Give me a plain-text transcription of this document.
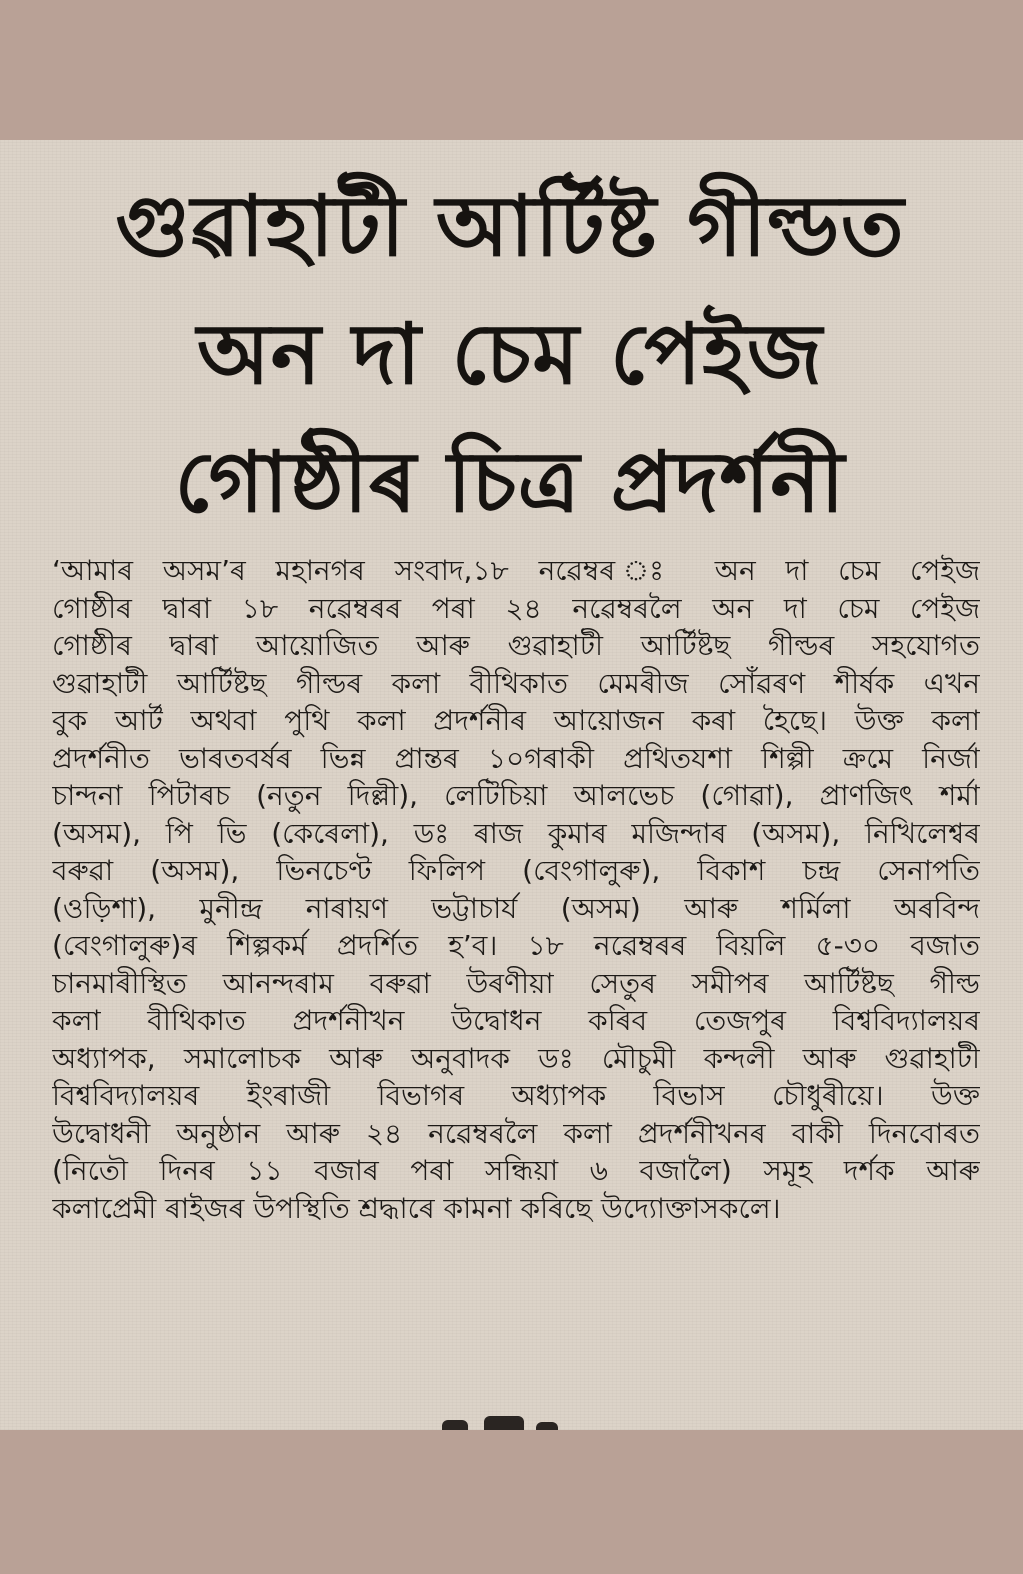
গুৱাহাটী আৰ্টিষ্ট গীল্ডত
অন দা চেম পেইজ
গোষ্ঠীৰ চিত্ৰ প্ৰদৰ্শনী
‘আমাৰ অসম’ৰ মহানগৰ সংবাদ,১৮ নৱেম্বৰ ঃ অন দা চেম পেইজ
গোষ্ঠীৰ দ্বাৰা ১৮ নৱেম্বৰৰ পৰা ২৪ নৱেম্বৰলৈ অন দা চেম পেইজ
গোষ্ঠীৰ দ্বাৰা আয়োজিত আৰু গুৱাহাটী আৰ্টিষ্টছ গীল্ডৰ সহযোগত
গুৱাহাটী আৰ্টিষ্টছ গীল্ডৰ কলা বীথিকাত মেমৰীজ সোঁৱৰণ শীৰ্ষক এখন
বুক আৰ্ট অথবা পুথি কলা প্ৰদৰ্শনীৰ আয়োজন কৰা হৈছে। উক্ত কলা
প্ৰদৰ্শনীত ভাৰতবৰ্ষৰ ভিন্ন প্ৰান্তৰ ১০গৰাকী প্ৰথিতযশা শিল্পী ক্ৰমে নিৰ্জা
চান্দনা পিটাৰচ (নতুন দিল্লী), লেটিচিয়া আলভেচ (গোৱা), প্ৰাণজিৎ শৰ্মা
(অসম), পি ভি (কেৰেলা), ডঃ ৰাজ কুমাৰ মজিন্দাৰ (অসম), নিখিলেশ্বৰ
বৰুৱা (অসম), ভিনচেণ্ট ফিলিপ (বেংগালুৰু), বিকাশ চন্দ্ৰ সেনাপতি
(ওড়িশা), মুনীন্দ্ৰ নাৰায়ণ ভট্টাচাৰ্য (অসম) আৰু শৰ্মিলা অৰবিন্দ
(বেংগালুৰু)ৰ শিল্পকৰ্ম প্ৰদৰ্শিত হ’ব। ১৮ নৱেম্বৰৰ বিয়লি ৫-৩০ বজাত
চানমাৰীস্থিত আনন্দৰাম বৰুৱা উৰণীয়া সেতুৰ সমীপৰ আৰ্টিষ্টছ গীল্ড
কলা বীথিকাত প্ৰদৰ্শনীখন উদ্বোধন কৰিব তেজপুৰ বিশ্ববিদ্যালয়ৰ
অধ্যাপক, সমালোচক আৰু অনুবাদক ডঃ মৌচুমী কন্দলী আৰু গুৱাহাটী
বিশ্ববিদ্যালয়ৰ ইংৰাজী বিভাগৰ অধ্যাপক বিভাস চৌধুৰীয়ে। উক্ত
উদ্বোধনী অনুষ্ঠান আৰু ২৪ নৱেম্বৰলৈ কলা প্ৰদৰ্শনীখনৰ বাকী দিনবোৰত
(নিতৌ দিনৰ ১১ বজাৰ পৰা সন্ধিয়া ৬ বজালৈ) সমূহ দৰ্শক আৰু
কলাপ্ৰেমী ৰাইজৰ উপস্থিতি শ্ৰদ্ধাৰে কামনা কৰিছে উদ্যোক্তাসকলে।
